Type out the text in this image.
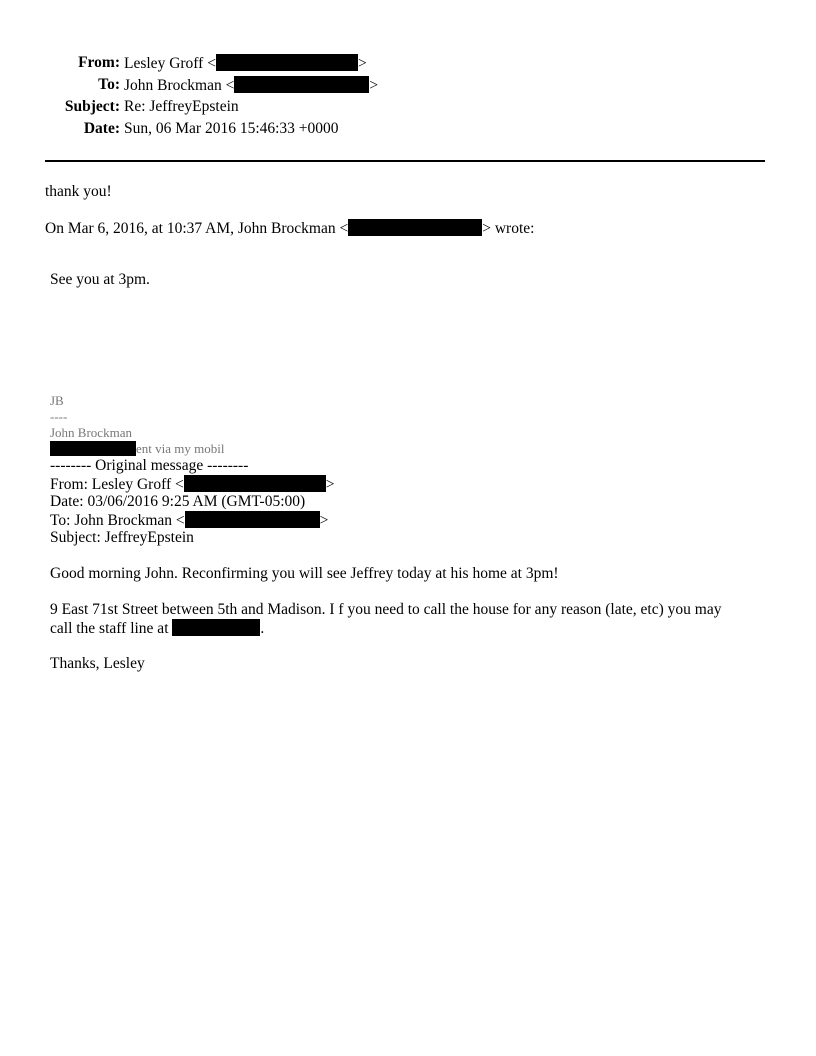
From: Lesley Groff <	>
To: John Brockman <	>
Subject: Re: JeffreyEpstein
Date: Sun, 06 Mar 2016 15:46:33 +0000
thank you!
On Mar 6, 2016, at 10:37 AM, John Brockman <	> wrote:
See you at 3pm.
JB
----
John Brockman
ent via my mobil
-------- Original message --------
From: Lesley Groff <	>
Date: 03/06/2016 9:25 AM (GMT-05:00)
To: John Brockman <	>
Subject: JeffreyEpstein
Good morning John. Reconfirming you will see Jeffrey today at his home at 3pm!
9 East 71st Street between 5th and Madison. I f you need to call the house for any reason (late, etc) you may
call the staff line at	.
Thanks, Lesley
